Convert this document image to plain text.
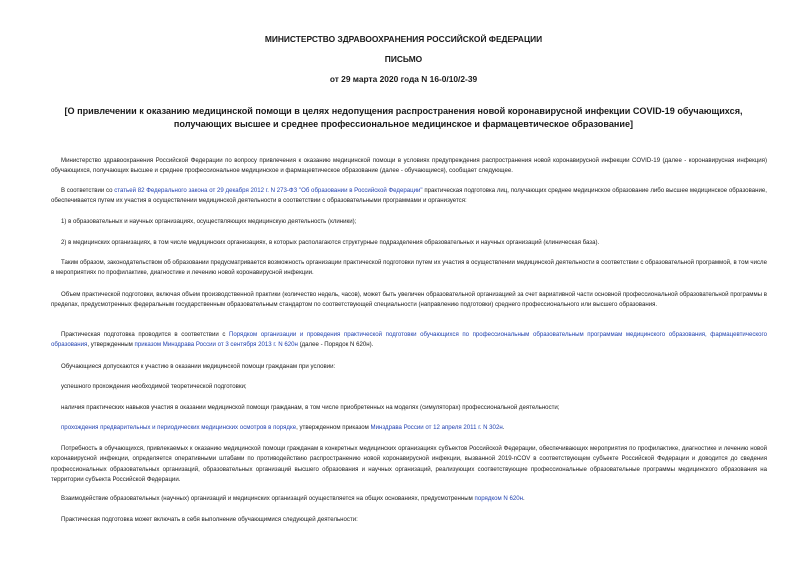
МИНИСТЕРСТВО ЗДРАВООХРАНЕНИЯ РОССИЙСКОЙ ФЕДЕРАЦИИ
ПИСЬМО
от 29 марта 2020 года N 16-0/10/2-39
[О привлечении к оказанию медицинской помощи в целях недопущения распространения новой коронавирусной инфекции COVID-19 обучающихся, получающих высшее и среднее профессиональное медицинское и фармацевтическое образование]
Министерство здравоохранения Российской Федерации по вопросу привлечения к оказанию медицинской помощи в условиях предупреждения распространения новой коронавирусной инфекции COVID-19 (далее - коронавирусная инфекция) обучающихся, получающих высшее и среднее профессиональное медицинское и фармацевтическое образование (далее - обучающиеся), сообщает следующее.
В соответствии со статьей 82 Федерального закона от 29 декабря 2012 г. N 273-ФЗ "Об образовании в Российской Федерации" практическая подготовка лиц, получающих среднее медицинское образование либо высшее медицинское образование, обеспечивается путем их участия в осуществлении медицинской деятельности в соответствии с образовательными программами и организуется:
1) в образовательных и научных организациях, осуществляющих медицинскую деятельность (клиники);
2) в медицинских организациях, в том числе медицинских организациях, в которых располагаются структурные подразделения образовательных и научных организаций (клиническая база).
Таким образом, законодательством об образовании предусматривается возможность организации практической подготовки путем их участия в осуществлении медицинской деятельности в соответствии с образовательной программой, в том числе в мероприятиях по профилактике, диагностике и лечению новой коронавирусной инфекции.
Объем практической подготовки, включая объем производственной практики (количество недель, часов), может быть увеличен образовательной организацией за счет вариативной части основной профессиональной образовательной программы в пределах, предусмотренных федеральным государственным образовательным стандартом по соответствующей специальности (направлению подготовки) среднего профессионального или высшего образования.
Практическая подготовка проводится в соответствии с Порядком организации и проведения практической подготовки обучающихся по профессиональным образовательным программам медицинского образования, фармацевтического образования, утвержденным приказом Минздрава России от 3 сентября 2013 г. N 620н (далее - Порядок N 620н).
Обучающиеся допускаются к участию в оказании медицинской помощи гражданам при условии:
успешного прохождения необходимой теоретической подготовки;
наличия практических навыков участия в оказании медицинской помощи гражданам, в том числе приобретенных на моделях (симуляторах) профессиональной деятельности;
прохождения предварительных и периодических медицинских осмотров в порядке, утвержденном приказом Минздрава России от 12 апреля 2011 г. N 302н.
Потребность в обучающихся, привлекаемых к оказанию медицинской помощи гражданам в конкретных медицинских организациях субъектов Российской Федерации, обеспечивающих мероприятия по профилактике, диагностике и лечению новой коронавирусной инфекции, определяется оперативными штабами по противодействию распространению новой коронавирусной инфекции, вызванной 2019-nCOV в соответствующем субъекте Российской Федерации и доводится до сведения профессиональных образовательных организаций, образовательных организаций высшего образования и научных организаций, реализующих соответствующие профессиональные образовательные программы медицинского образования на территории субъекта Российской Федерации.
Взаимодействие образовательных (научных) организаций и медицинских организаций осуществляется на общих основаниях, предусмотренным порядком N 620н.
Практическая подготовка может включать в себя выполнение обучающимися следующей деятельности:
